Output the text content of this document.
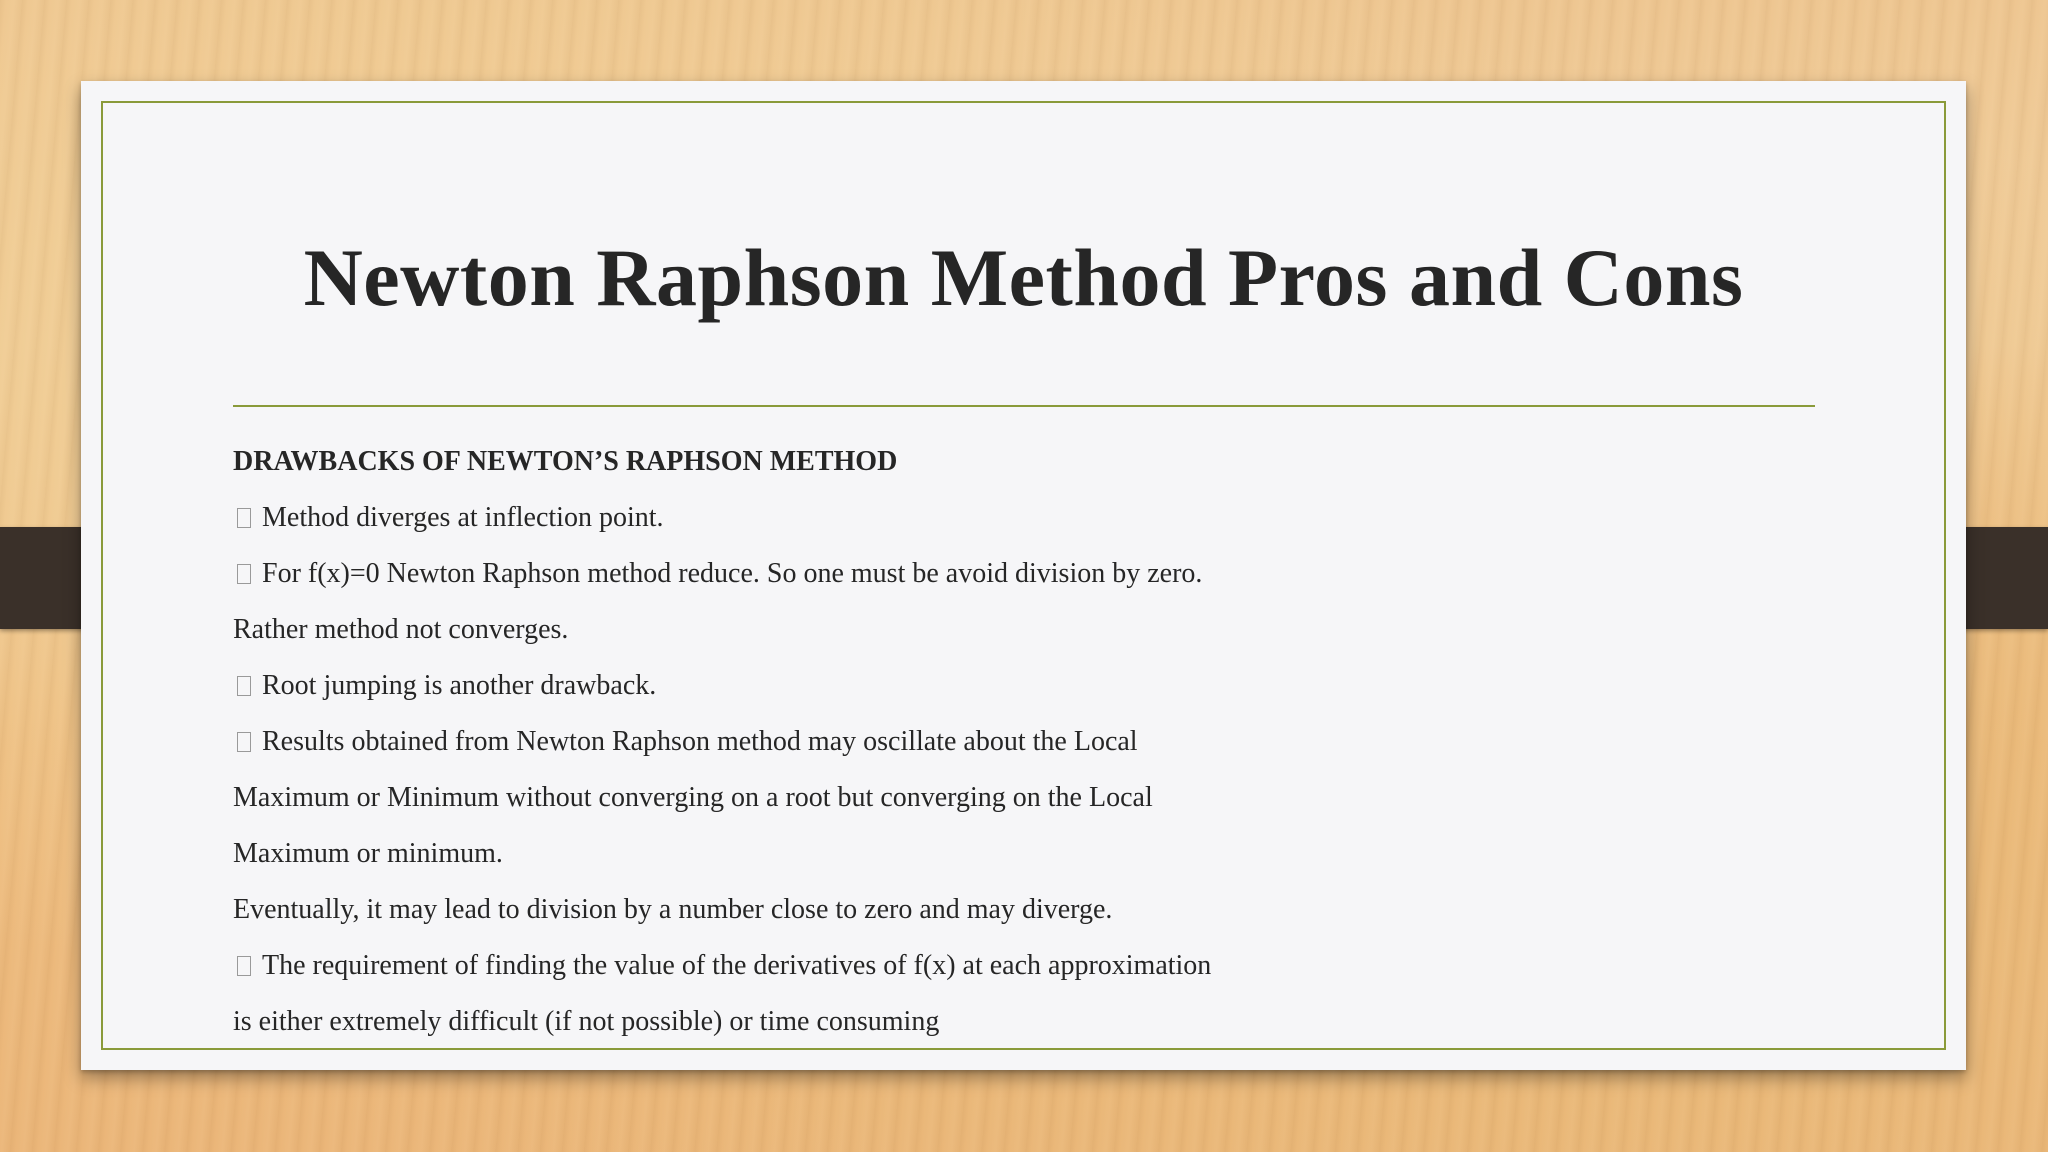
Newton Raphson Method Pros and Cons
DRAWBACKS OF NEWTON’S RAPHSON METHOD
Method diverges at inflection point.
For f(x)=0 Newton Raphson method reduce. So one must be avoid division by zero.
Rather method not converges.
Root jumping is another drawback.
Results obtained from Newton Raphson method may oscillate about the Local
Maximum or Minimum without converging on a root but converging on the Local
Maximum or minimum.
Eventually, it may lead to division by a number close to zero and may diverge.
The requirement of finding the value of the derivatives of f(x) at each approximation
is either extremely difficult (if not possible) or time consuming
